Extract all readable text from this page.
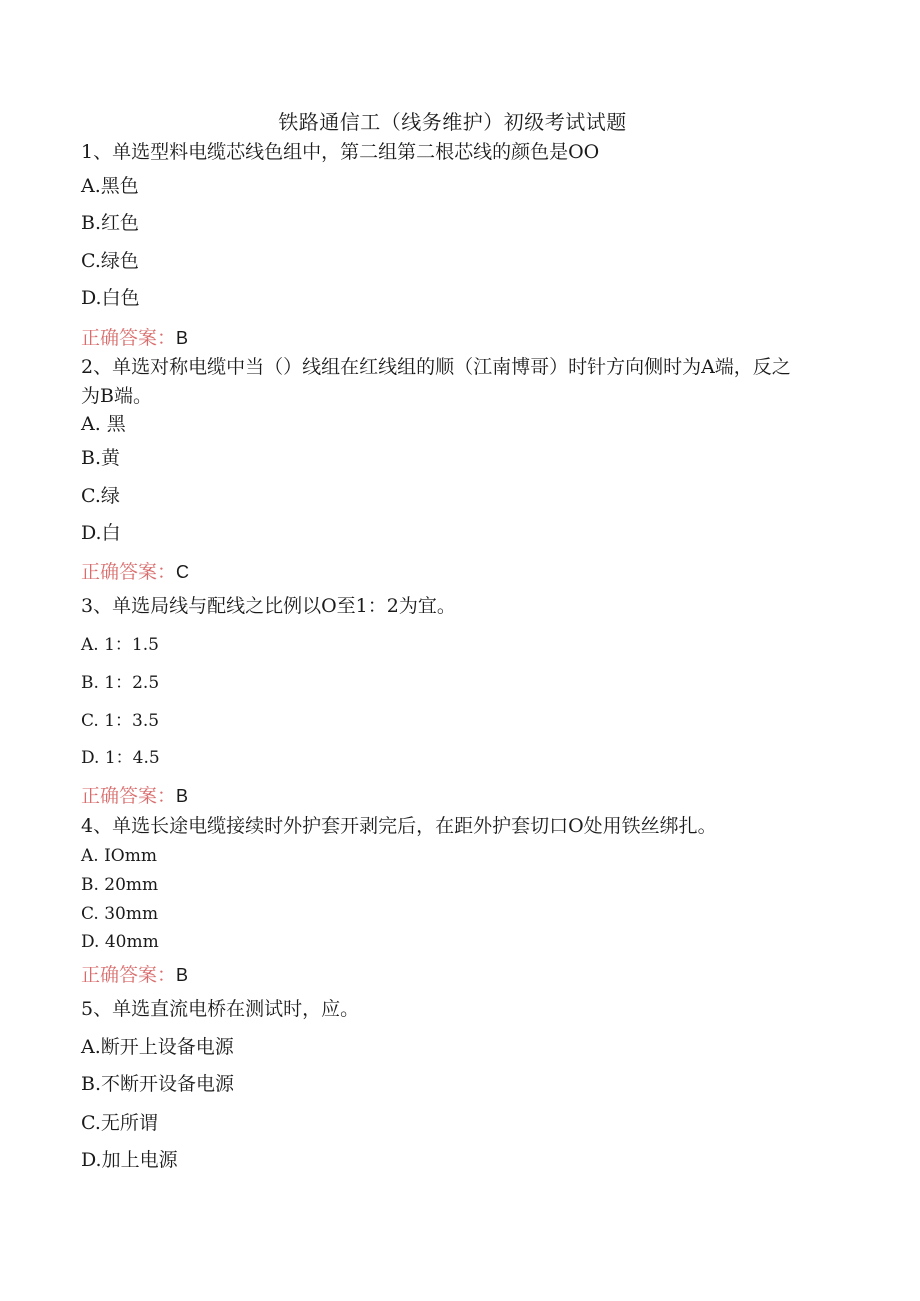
铁路通信工（线务维护）初级考试试题
1、单选型料电缆芯线色组中，第二组第二根芯线的颜色是OO
A.黑色
B.红色
C.绿色
D.白色
正确答案：B
2、单选对称电缆中当（）线组在红线组的顺（江南博哥）时针方向侧时为A端，反之为B端。
A. 黑
B.黄
C.绿
D.白
正确答案：C
3、单选局线与配线之比例以O至1：2为宜。
A. 1：1.5
B. 1：2.5
C. 1：3.5
D. 1：4.5
正确答案：B
4、单选长途电缆接续时外护套开剥完后，在距外护套切口O处用铁丝绑扎。
A. IOmm
B. 20mm
C. 30mm
D. 40mm
正确答案：B
5、单选直流电桥在测试时，应。
A.断开上设备电源
B.不断开设备电源
C.无所谓
D.加上电源
